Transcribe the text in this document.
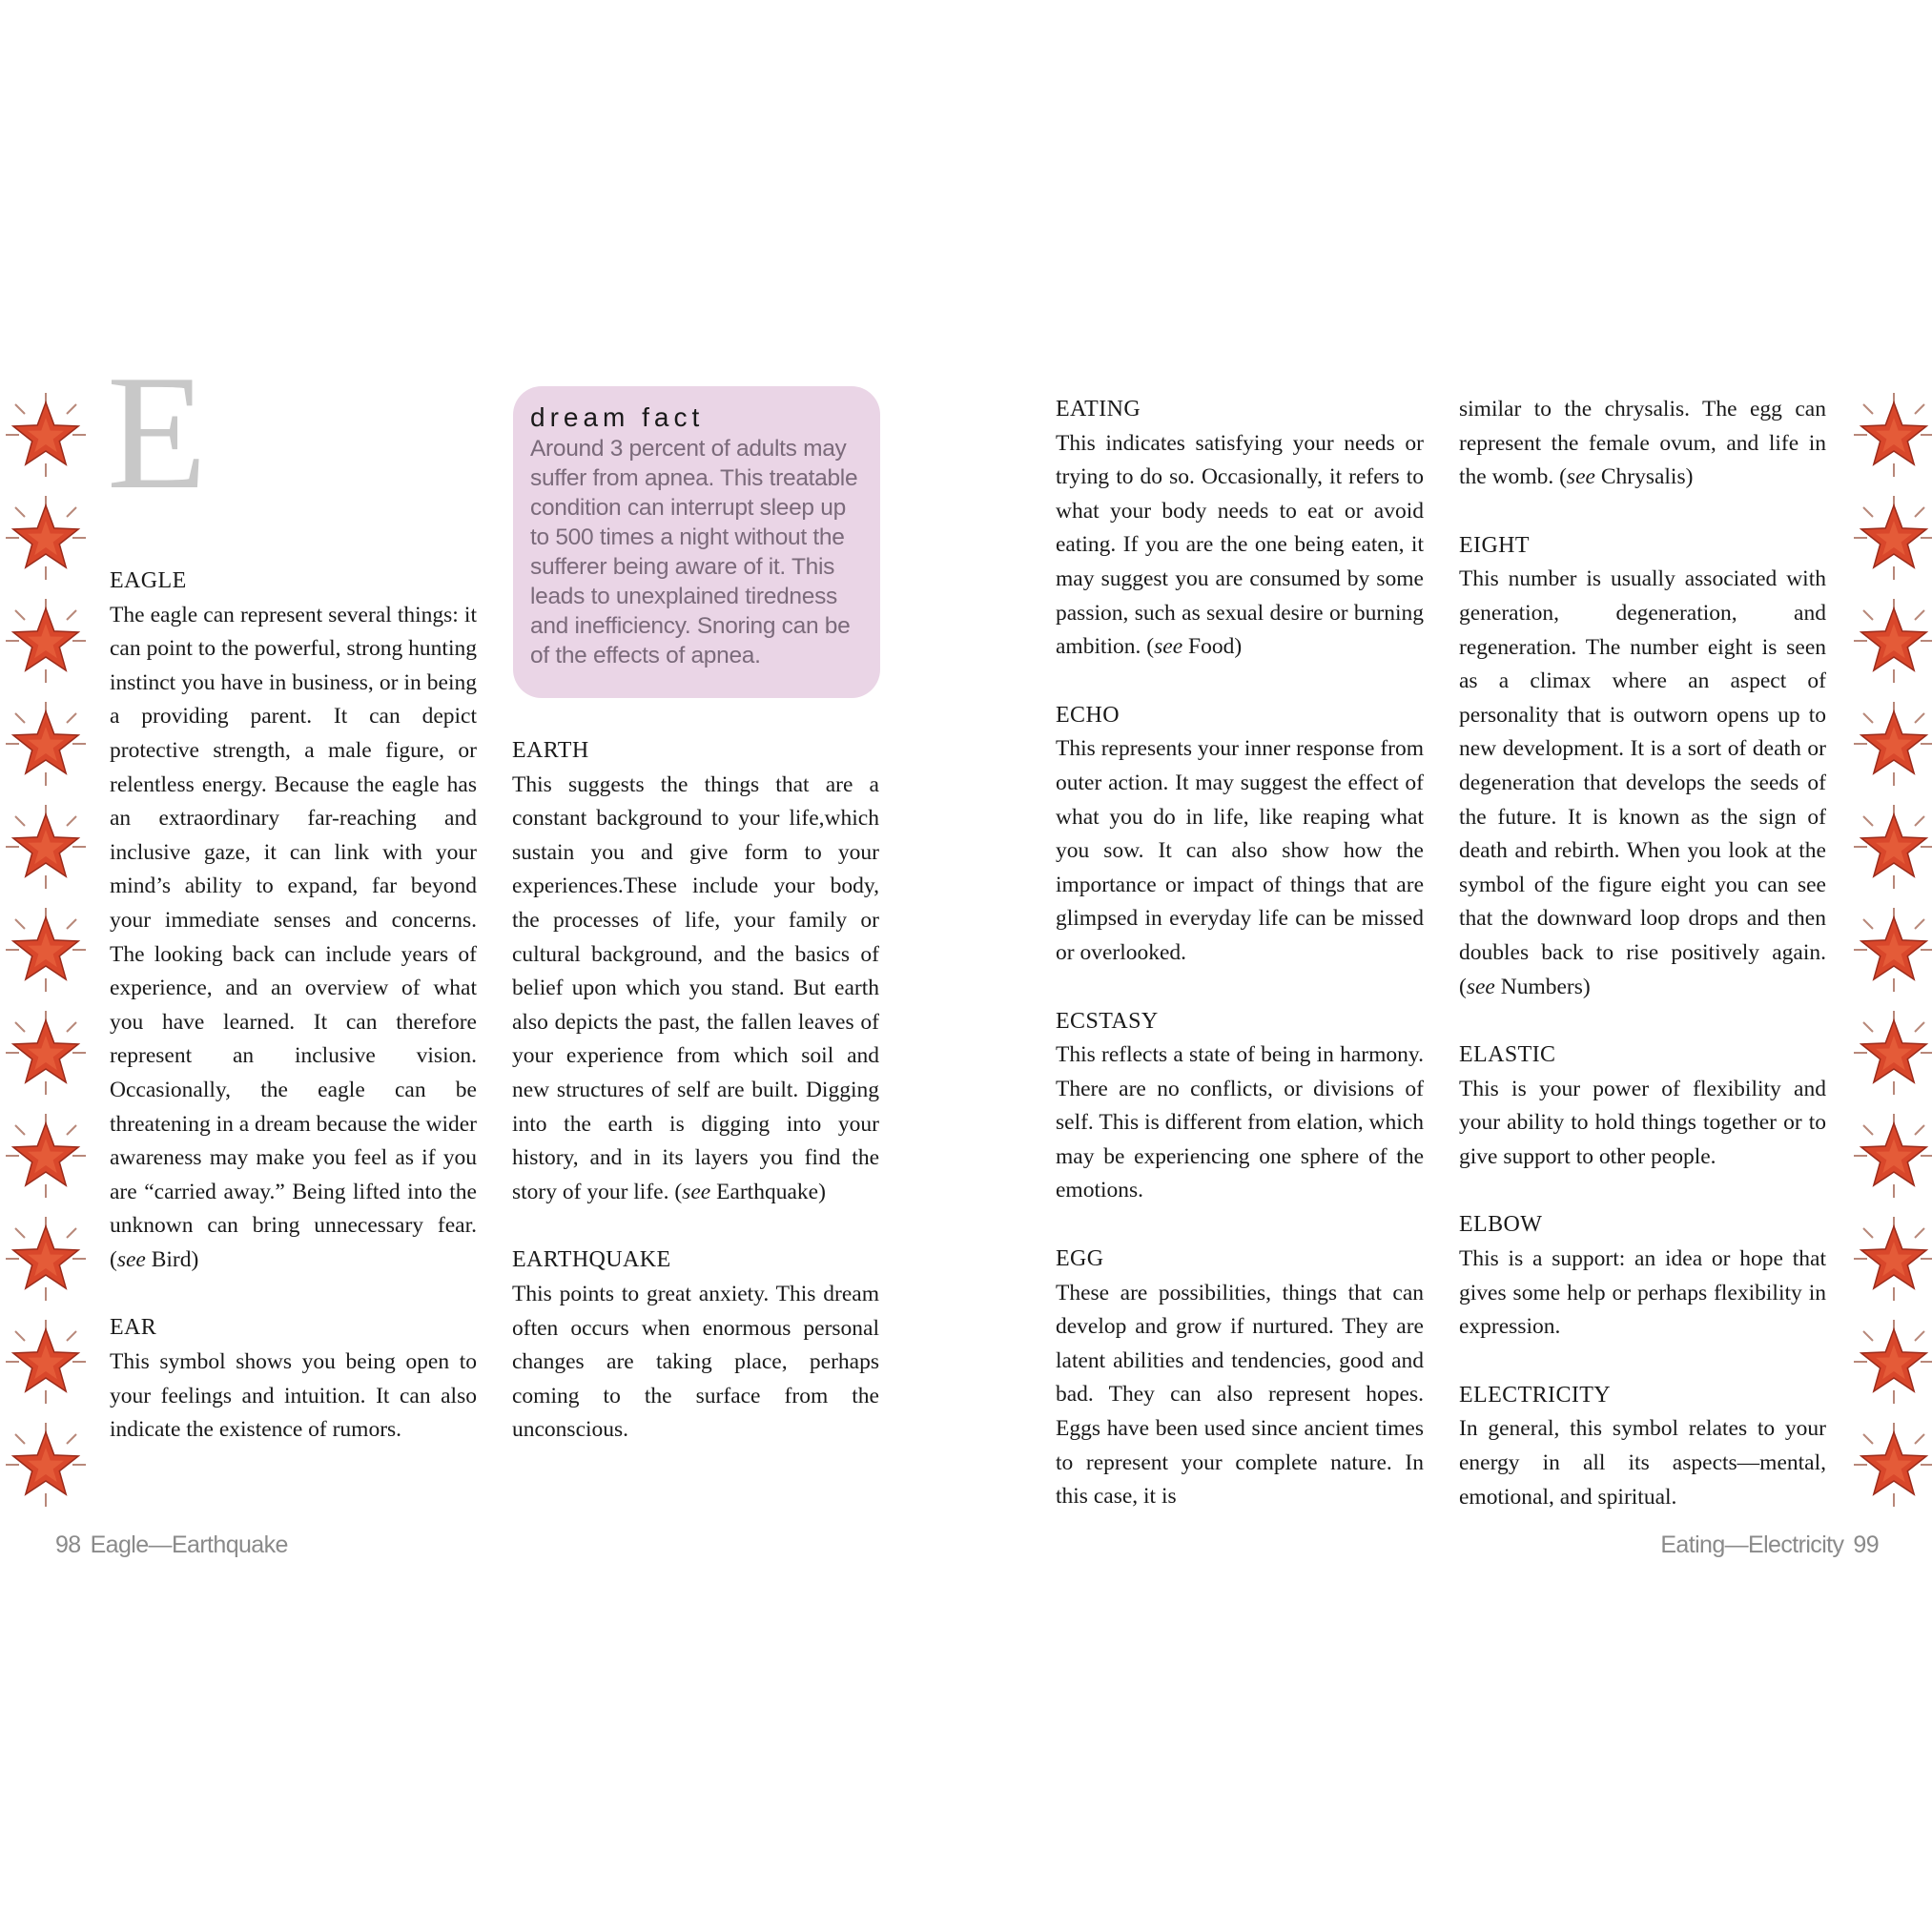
E	dream fact
Around 3 percent of adults may suffer from apnea. This treatable condition can interrupt sleep up to 500 times a night without the sufferer being aware of it. This leads to unexplained tiredness and inefficiency. Snoring can be of the effects of apnea.
EAGLE
The eagle can represent several things: it can point to the powerful, strong hunting instinct you have in business, or in being a providing parent. It can depict protective strength, a male figure, or relentless energy. Because the eagle has an extraordinary far-reaching and inclusive gaze, it can link with your mind’s ability to expand, far beyond your immediate senses and concerns. The looking back can include years of experience, and an overview of what you have learned. It can therefore represent an inclusive vision. Occasionally, the eagle can be threatening in a dream because the wider awareness may make you feel as if you are “carried away.” Being lifted into the unknown can bring unnecessary fear. (see Bird)
EAR
This symbol shows you being open to your feelings and intuition. It can also indicate the existence of rumors.
EARTH
This suggests the things that are a constant background to your life,which sustain you and give form to your experiences.These include your body, the processes of life, your family or cultural background, and the basics of belief upon which you stand. But earth also depicts the past, the fallen leaves of your experience from which soil and new structures of self are built. Digging into the earth is digging into your history, and in its layers you find the story of your life. (see Earthquake)
EARTHQUAKE
This points to great anxiety. This dream often occurs when enormous personal changes are taking place, perhaps coming to the surface from the unconscious.
EATING
This indicates satisfying your needs or trying to do so. Occasionally, it refers to what your body needs to eat or avoid eating. If you are the one being eaten, it may suggest you are consumed by some passion, such as sexual desire or burning ambition. (see Food)
ECHO
This represents your inner response from outer action. It may suggest the effect of what you do in life, like reaping what you sow. It can also show how the importance or impact of things that are glimpsed in everyday life can be missed or overlooked.
ECSTASY
This reflects a state of being in harmony. There are no conflicts, or divisions of self. This is different from elation, which may be experiencing one sphere of the emotions.
EGG
These are possibilities, things that can develop and grow if nurtured. They are latent abilities and tendencies, good and bad. They can also represent hopes. Eggs have been used since ancient times to represent your complete nature. In this case, it is
similar to the chrysalis. The egg can represent the female ovum, and life in the womb. (see Chrysalis)
EIGHT
This number is usually associated with generation, degeneration, and regeneration. The number eight is seen as a climax where an aspect of personality that is outworn opens up to new development. It is a sort of death or degeneration that develops the seeds of the future. It is known as the sign of death and rebirth. When you look at the symbol of the figure eight you can see that the downward loop drops and then doubles back to rise positively again. (see Numbers)
ELASTIC
This is your power of flexibility and your ability to hold things together or to give support to other people.
ELBOW
This is a support: an idea or hope that gives some help or perhaps flexibility in expression.
ELECTRICITY
In general, this symbol relates to your energy in all its aspects—mental, emotional, and spiritual.
98 Eagle—Earthquake	Eating—Electricity 99
